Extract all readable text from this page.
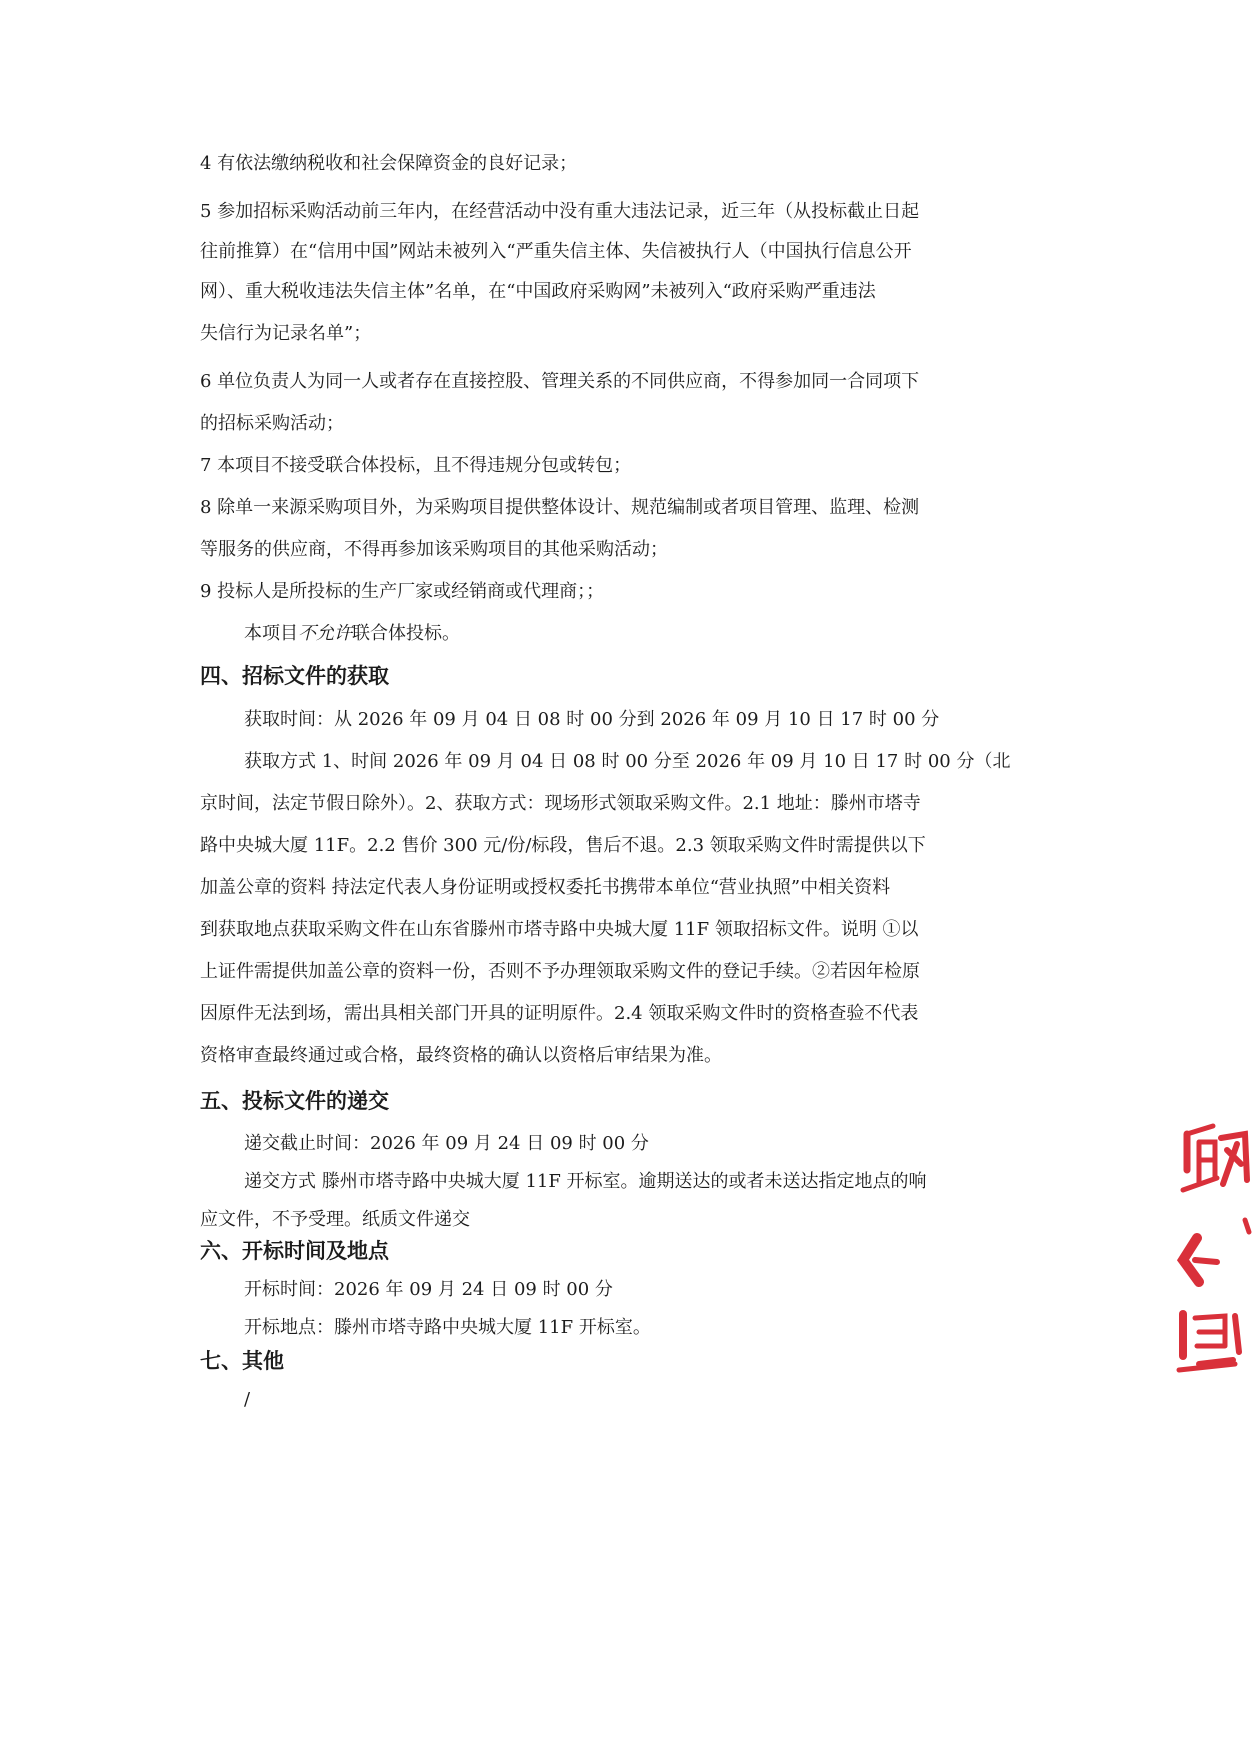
4 有依法缴纳税收和社会保障资金的良好记录；
5 参加招标采购活动前三年内，在经营活动中没有重大违法记录，近三年（从投标截止日起
往前推算）在“信用中国”网站未被列入“严重失信主体、失信被执行人（中国执行信息公开
网）、重大税收违法失信主体”名单，在“中国政府采购网”未被列入“政府采购严重违法
失信行为记录名单”；
6 单位负责人为同一人或者存在直接控股、管理关系的不同供应商，不得参加同一合同项下
的招标采购活动；
7 本项目不接受联合体投标，且不得违规分包或转包；
8 除单一来源采购项目外，为采购项目提供整体设计、规范编制或者项目管理、监理、检测
等服务的供应商，不得再参加该采购项目的其他采购活动；
9 投标人是所投标的生产厂家或经销商或代理商；；
本项目不允许联合体投标。
四、招标文件的获取
获取时间：从 2026 年 09 月 04 日 08 时 00 分到 2026 年 09 月 10 日 17 时 00 分
获取方式 1、时间 2026 年 09 月 04 日 08 时 00 分至 2026 年 09 月 10 日 17 时 00 分（北
京时间，法定节假日除外）。2、获取方式：现场形式领取采购文件。2.1 地址：滕州市塔寺
路中央城大厦 11F。2.2 售价 300 元/份/标段，售后不退。2.3 领取采购文件时需提供以下
加盖公章的资料 持法定代表人身份证明或授权委托书携带本单位“营业执照”中相关资料
到获取地点获取采购文件在山东省滕州市塔寺路中央城大厦 11F 领取招标文件。说明 ①以
上证件需提供加盖公章的资料一份，否则不予办理领取采购文件的登记手续。②若因年检原
因原件无法到场，需出具相关部门开具的证明原件。2.4 领取采购文件时的资格查验不代表
资格审查最终通过或合格，最终资格的确认以资格后审结果为准。
五、投标文件的递交
递交截止时间：2026 年 09 月 24 日 09 时 00 分
递交方式 滕州市塔寺路中央城大厦 11F 开标室。逾期送达的或者未送达指定地点的响
应文件，不予受理。纸质文件递交
六、开标时间及地点
开标时间：2026 年 09 月 24 日 09 时 00 分
开标地点：滕州市塔寺路中央城大厦 11F 开标室。
七、其他
/
